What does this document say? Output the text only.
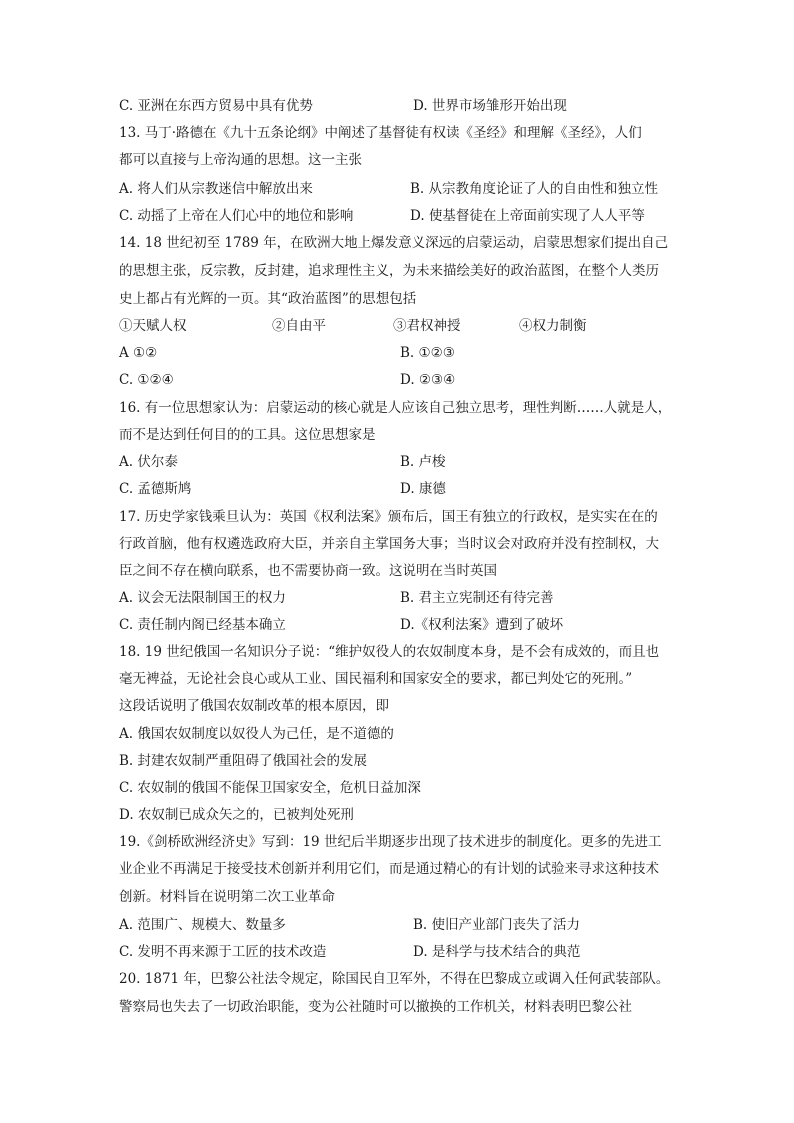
C. 亚洲在东西方贸易中具有优势	D. 世界市场雏形开始出现
13. 马丁·路德在《九十五条论纲》中阐述了基督徒有权读《圣经》和理解《圣经》，人们
都可以直接与上帝沟通的思想。这一主张
A. 将人们从宗教迷信中解放出来	B. 从宗教角度论证了人的自由性和独立性
C. 动摇了上帝在人们心中的地位和影响	D. 使基督徒在上帝面前实现了人人平等
14. 18 世纪初至 1789 年，在欧洲大地上爆发意义深远的启蒙运动，启蒙思想家们提出自己
的思想主张，反宗教，反封建，追求理性主义，为未来描绘美好的政治蓝图，在整个人类历
史上都占有光辉的一页。其“政治蓝图”的思想包括
①天赋人权	②自由平	③君权神授	④权力制衡
A ①②	B. ①②③
C. ①②④	D. ②③④
16. 有一位思想家认为：启蒙运动的核心就是人应该自己独立思考，理性判断……人就是人，
而不是达到任何目的的工具。这位思想家是
A. 伏尔泰	B. 卢梭
C. 孟德斯鸠	D. 康德
17. 历史学家钱乘旦认为：英国《权利法案》颁布后，国王有独立的行政权，是实实在在的
行政首脑，他有权遴选政府大臣，并亲自主掌国务大事；当时议会对政府并没有控制权，大
臣之间不存在横向联系，也不需要协商一致。这说明在当时英国
A. 议会无法限制国王的权力	B. 君主立宪制还有待完善
C. 责任制内阁已经基本确立	D.《权利法案》遭到了破坏
18. 19 世纪俄国一名知识分子说：“维护奴役人的农奴制度本身，是不会有成效的，而且也
毫无裨益，无论社会良心或从工业、国民福利和国家安全的要求，都已判处它的死刑。”
这段话说明了俄国农奴制改革的根本原因，即
A. 俄国农奴制度以奴役人为己任，是不道德的
B. 封建农奴制严重阻碍了俄国社会的发展
C. 农奴制的俄国不能保卫国家安全，危机日益加深
D. 农奴制已成众矢之的，已被判处死刑
19.《剑桥欧洲经济史》写到：19 世纪后半期逐步出现了技术进步的制度化。更多的先进工
业企业不再满足于接受技术创新并利用它们，而是通过精心的有计划的试验来寻求这种技术
创新。材料旨在说明第二次工业革命
A. 范围广、规模大、数量多	B. 使旧产业部门丧失了活力
C. 发明不再来源于工匠的技术改造	D. 是科学与技术结合的典范
20. 1871 年，巴黎公社法令规定，除国民自卫军外，不得在巴黎成立或调入任何武装部队。
警察局也失去了一切政治职能，变为公社随时可以撤换的工作机关，材料表明巴黎公社
